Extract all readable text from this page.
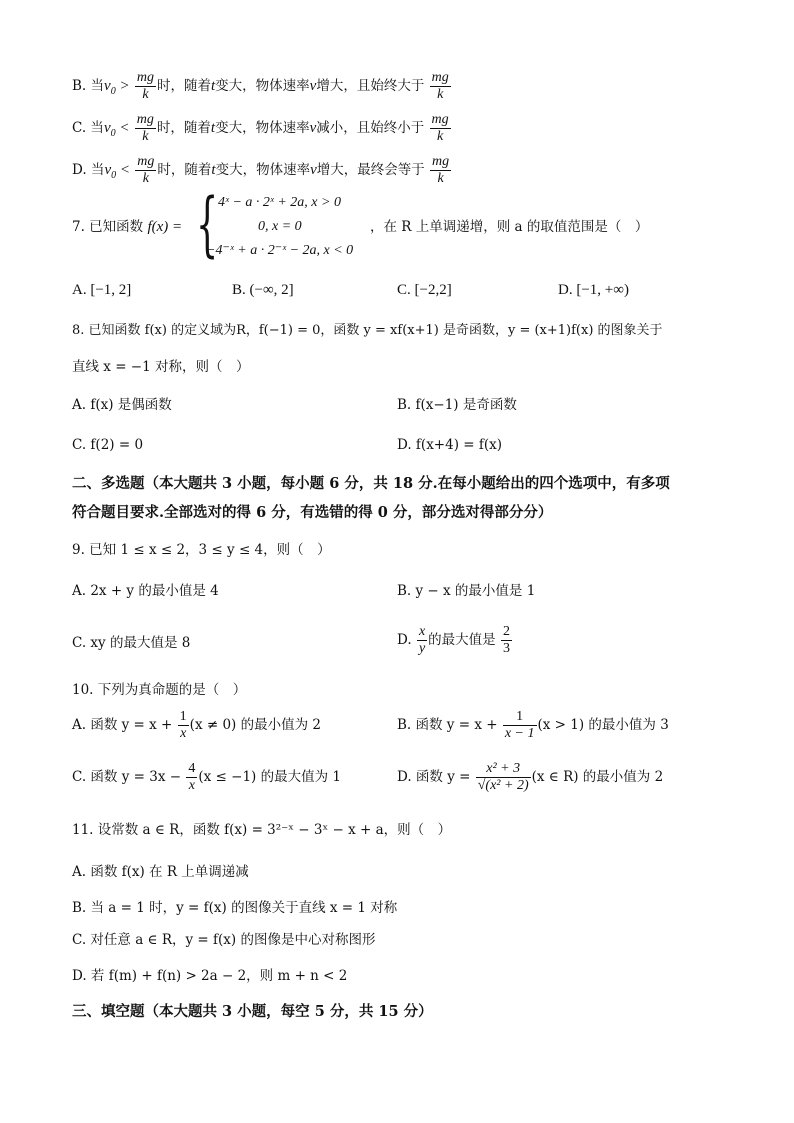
B. 当$v_0 > \frac{mg}{k}$ 时，随着t变大，物体速率v增大，且始终大于 $\frac{mg}{k}$
C. 当$v_0 < \frac{mg}{k}$ 时，随着t变大，物体速率v减小，且始终小于 $\frac{mg}{k}$
D. 当$v_0 < \frac{mg}{k}$ 时，随着t变大，物体速率v增大，最终会等于 $\frac{mg}{k}$
7. 已知函数 f(x) = { 4ˣ − a · 2ˣ + 2a, x > 0
0, x = 0
−4⁻ˣ + a · 2⁻ˣ − 2a, x < 0
，在 R 上单调递增，则 a 的取值范围是（　）
A. [−1, 2]	B. (−∞, 2]	C. [−2,2]	D. [−1, +∞)
8. 已知函数 f(x) 的定义域为R，f(−1) = 0，函数 y = xf(x+1) 是奇函数，y = (x+1)f(x) 的图象关于
直线 x = −1 对称，则（　）
A. f(x) 是偶函数	B. f(x−1) 是奇函数
C. f(2) = 0	D. f(x+4) = f(x)
二、多选题（本大题共 3 小题，每小题 6 分，共 18 分.在每小题给出的四个选项中，有多项
符合题目要求.全部选对的得 6 分，有选错的得 0 分，部分选对得部分分）
9. 已知 1 ≤ x ≤ 2，3 ≤ y ≤ 4，则（　）
A. 2x + y 的最小值是 4	B. y − x 的最小值是 1
C. xy 的最大值是 8	D. $\frac{x}{y}$ 的最大值是 $\frac{2}{3}$
10. 下列为真命题的是（　）
A. 函数 $y = x + \frac{1}{x} (x \ne 0)$ 的最小值为 2	B. 函数 $y = x + \frac{1}{x - 1} (x > 1)$ 的最小值为 3
C. 函数 $y = 3x - \frac{4}{x} (x \le -1)$ 的最大值为 1	D. 函数 $y = \frac{\text{x² + 3}}{\text{√(x² + 2)}} (x$ ∈ R) 的最小值为 2
11. 设常数 a ∈ R，函数 f(x) = 3²⁻ˣ − 3ˣ − x + a，则（　）
A. 函数 f(x) 在 R 上单调递减
B. 当 a = 1 时，y = f(x) 的图像关于直线 x = 1 对称
C. 对任意 a ∈ R，y = f(x) 的图像是中心对称图形
D. 若 f(m) + f(n) > 2a − 2，则 m + n < 2
三、填空题（本大题共 3 小题，每空 5 分，共 15 分）
